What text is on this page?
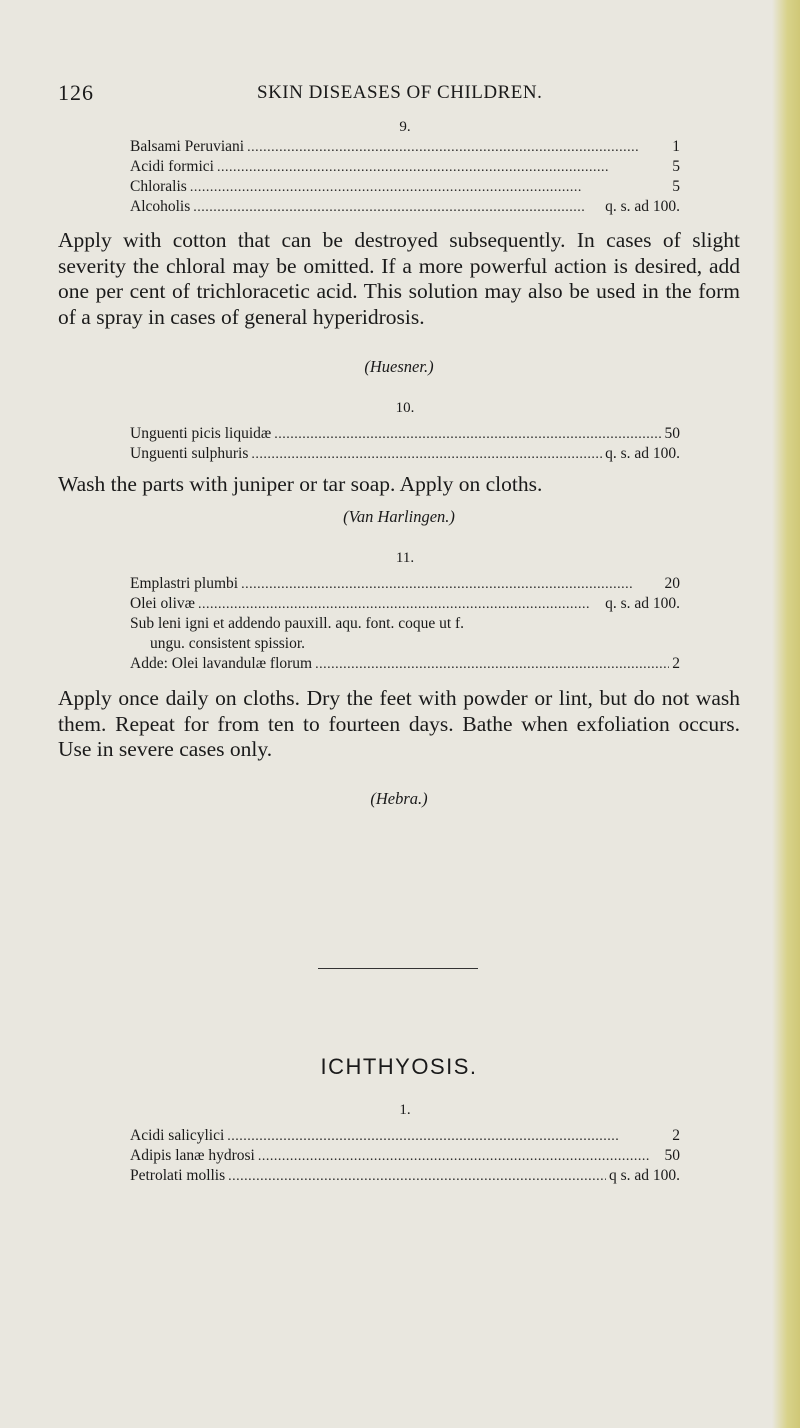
126	SKIN DISEASES OF CHILDREN.
9.
Balsami Peruviani . . .	1
Acidi formici . . .	5
Chloralis . . .	5
Alcoholis . . .	q. s. ad 100.
Apply with cotton that can be destroyed subsequently. In cases of slight severity the chloral may be omitted. If a more powerful action is desired, add one per cent of trichloracetic acid. This solution may also be used in the form of a spray in cases of general hyperidrosis.
(Huesner.)
10.
Unguenti picis liquidæ . . .	50
Unguenti sulphuris . . .	q. s. ad 100.
Wash the parts with juniper or tar soap. Apply on cloths.
(Van Harlingen.)
11.
Emplastri plumbi . . .	20
Olei olivæ . . .	q. s. ad 100.
Sub leni igni et addendo pauxill. aqu. font. coque ut f.
ungu. consistent spissior.
Adde: Olei lavandulæ florum . . .	2
Apply once daily on cloths. Dry the feet with powder or lint, but do not wash them. Repeat for from ten to fourteen days. Bathe when exfoliation occurs. Use in severe cases only.
(Hebra.)
ICHTHYOSIS.
1.
Acidi salicylici . . .	2
Adipis lanæ hydrosi . . .	50
Petrolati mollis . . .	q s. ad 100.
